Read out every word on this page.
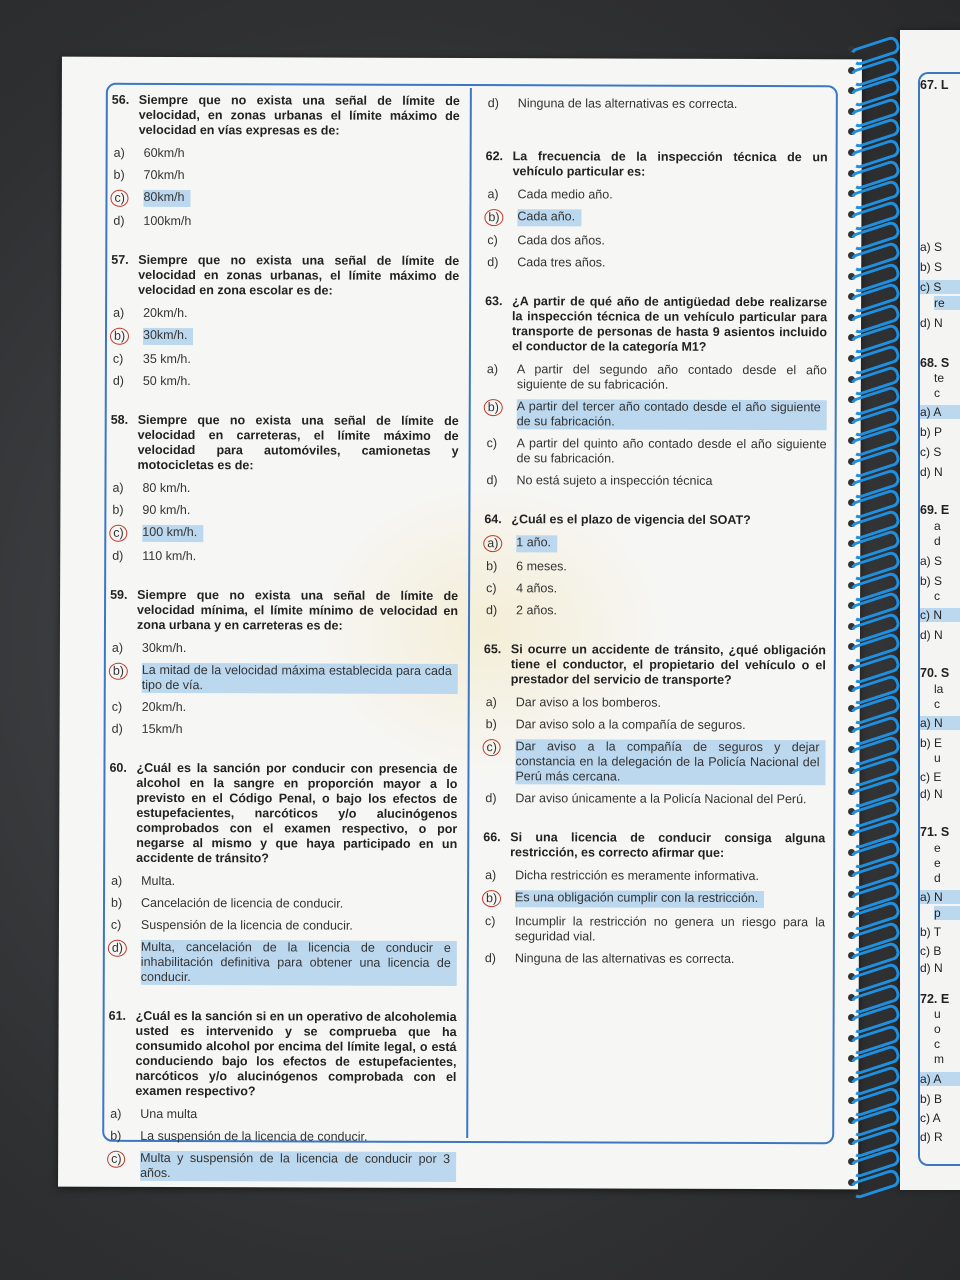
67. L
a) S
b) S
c) S
re
d) N
68. S
te
c
a) A
b) P
c) S
d) N
69. E
a
d
a) S
b) S
c
c) N
d) N
70. S
la
c
a) N
b) E
u
c) E
d) N
71. S
e
e
d
a) N
p
b) T
c) B
d) N
72. E
u
o
c
m
a) A
b) B
c) A
d) R
56. Siempre que no exista una señal de límite de velocidad, en zonas urbanas el límite máximo de velocidad en vías expresas es de:
a)	60km/h
b)	70km/h
c)	80km/h
d)	100km/h
57. Siempre que no exista una señal de límite de velocidad en zonas urbanas, el límite máximo de velocidad en zona escolar es de:
a)	20km/h.
b)	30km/h.
c)	35 km/h.
d)	50 km/h.
58. Siempre que no exista una señal de límite de velocidad en carreteras, el límite máximo de velocidad para automóviles, camionetas y motocicletas es de:
a)	80 km/h.
b)	90 km/h.
c)	100 km/h.
d)	110 km/h.
59. Siempre que no exista una señal de límite de velocidad mínima, el límite mínimo de velocidad en zona urbana y en carreteras es de:
a)	30km/h.
b)	La mitad de la velocidad máxima establecida para cada tipo de vía.
c)	20km/h.
d)	15km/h
60. ¿Cuál es la sanción por conducir con presencia de alcohol en la sangre en proporción mayor a lo previsto en el Código Penal, o bajo los efectos de estupefacientes, narcóticos y/o alucinógenos comprobados con el examen respectivo, o por negarse al mismo y que haya participado en un accidente de tránsito?
a)	Multa.
b)	Cancelación de licencia de conducir.
c)	Suspensión de la licencia de conducir.
d)	Multa, cancelación de la licencia de conducir e inhabilitación definitiva para obtener una licencia de conducir.
61. ¿Cuál es la sanción si en un operativo de alcoholemia usted es intervenido y se comprueba que ha consumido alcohol por encima del límite legal, o está conduciendo bajo los efectos de estupefacientes, narcóticos y/o alucinógenos comprobada con el examen respectivo?
a)	Una multa
b)	La suspensión de la licencia de conducir.
c)	Multa y suspensión de la licencia de conducir por 3 años.
d)	Ninguna de las alternativas es correcta.
62. La frecuencia de la inspección técnica de un vehículo particular es:
a)	Cada medio año.
b)	Cada año.
c)	Cada dos años.
d)	Cada tres años.
63. ¿A partir de qué año de antigüedad debe realizarse la inspección técnica de un vehículo particular para transporte de personas de hasta 9 asientos incluido el conductor de la categoría M1?
a)	A partir del segundo año contado desde el año siguiente de su fabricación.
b)	A partir del tercer año contado desde el año siguiente de su fabricación.
c)	A partir del quinto año contado desde el año siguiente de su fabricación.
d)	No está sujeto a inspección técnica
64. ¿Cuál es el plazo de vigencia del SOAT?
a)	1 año.
b)	6 meses.
c)	4 años.
d)	2 años.
65. Si ocurre un accidente de tránsito, ¿qué obligación tiene el conductor, el propietario del vehículo o el prestador del servicio de transporte?
a)	Dar aviso a los bomberos.
b)	Dar aviso solo a la compañía de seguros.
c)	Dar aviso a la compañía de seguros y dejar constancia en la delegación de la Policía Nacional del Perú más cercana.
d)	Dar aviso únicamente a la Policía Nacional del Perú.
66. Si una licencia de conducir consiga alguna restricción, es correcto afirmar que:
a)	Dicha restricción es meramente informativa.
b)	Es una obligación cumplir con la restricción.
c)	Incumplir la restricción no genera un riesgo para la seguridad vial.
d)	Ninguna de las alternativas es correcta.
